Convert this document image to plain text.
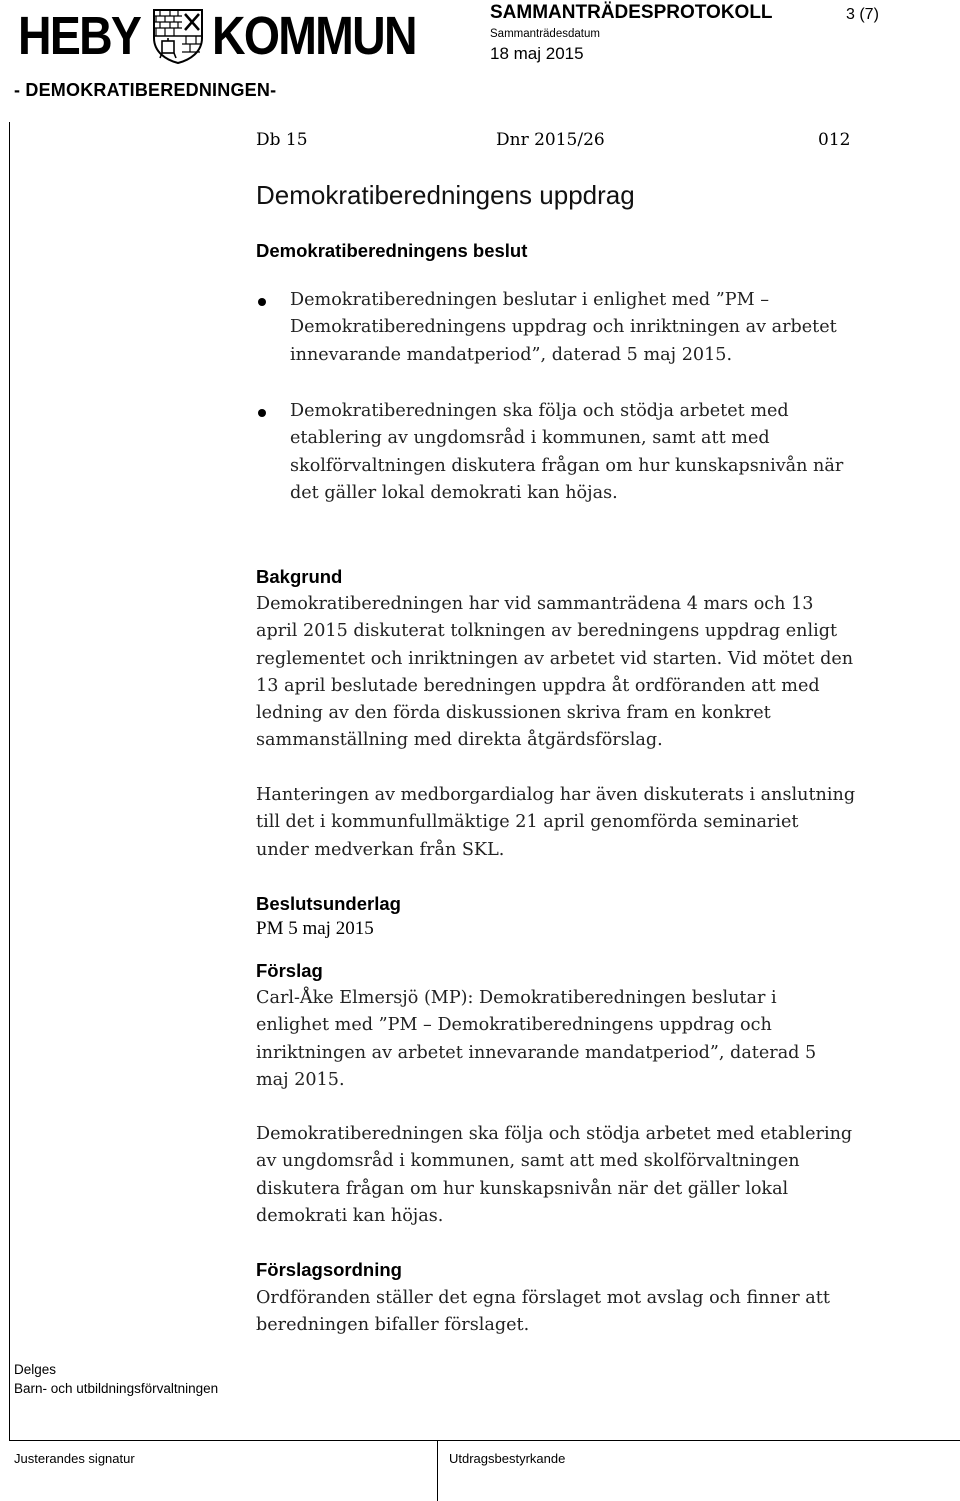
HEBY KOMMUN	SAMMANTRÄDESPROTOKOLL	3 (7)
Sammanträdesdatum
18 maj 2015
- DEMOKRATIBEREDNINGEN-
Db 15	Dnr 2015/26	012
Demokratiberedningens uppdrag
Demokratiberedningens beslut
Demokratiberedningen beslutar i enlighet med ”PM –
Demokratiberedningens uppdrag och inriktningen av arbetet
innevarande mandatperiod”, daterad 5 maj 2015.
Demokratiberedningen ska följa och stödja arbetet med
etablering av ungdomsråd i kommunen, samt att med
skolförvaltningen diskutera frågan om hur kunskapsnivån när
det gäller lokal demokrati kan höjas.
Bakgrund
Demokratiberedningen har vid sammanträdena 4 mars och 13
april 2015 diskuterat tolkningen av beredningens uppdrag enligt
reglementet och inriktningen av arbetet vid starten. Vid mötet den
13 april beslutade beredningen uppdra åt ordföranden att med
ledning av den förda diskussionen skriva fram en konkret
sammanställning med direkta åtgärdsförslag.
Hanteringen av medborgardialog har även diskuterats i anslutning
till det i kommunfullmäktige 21 april genomförda seminariet
under medverkan från SKL.
Beslutsunderlag
PM 5 maj 2015
Förslag
Carl-Åke Elmersjö (MP): Demokratiberedningen beslutar i
enlighet med ”PM – Demokratiberedningens uppdrag och
inriktningen av arbetet innevarande mandatperiod”, daterad 5
maj 2015.
Demokratiberedningen ska följa och stödja arbetet med etablering
av ungdomsråd i kommunen, samt att med skolförvaltningen
diskutera frågan om hur kunskapsnivån när det gäller lokal
demokrati kan höjas.
Förslagsordning
Ordföranden ställer det egna förslaget mot avslag och finner att
beredningen bifaller förslaget.
Delges
Barn- och utbildningsförvaltningen
Justerandes signatur	Utdragsbestyrkande
